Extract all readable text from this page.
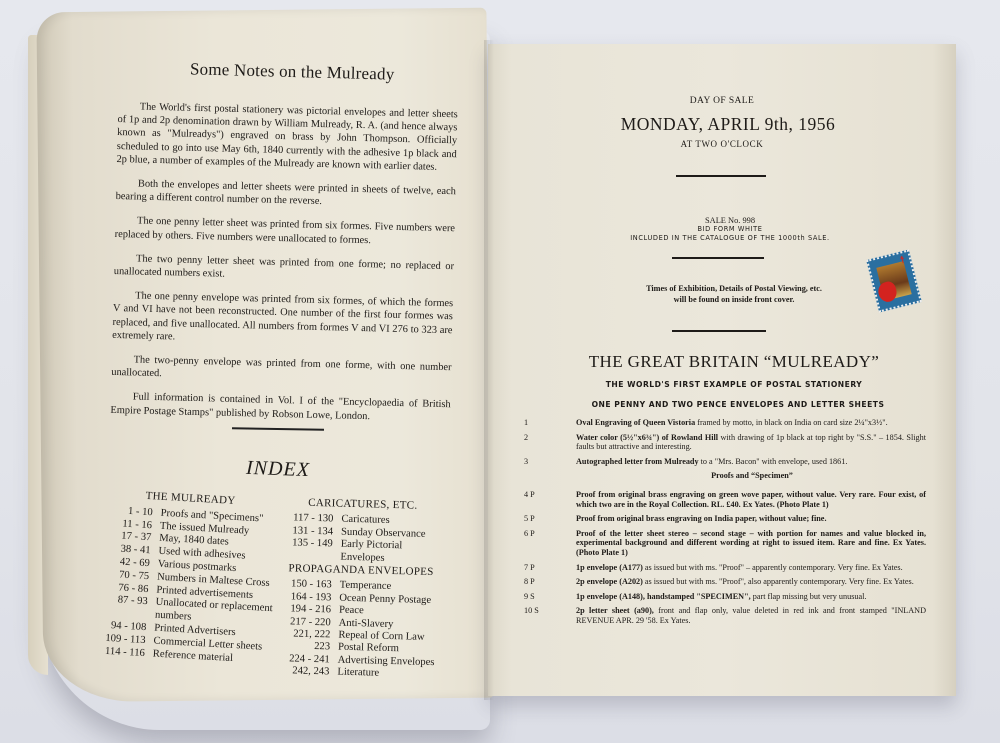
Some Notes on the Mulready

The World's first postal stationery was pictorial envelopes and letter sheets of 1p and 2p denomination drawn by William Mulready, R. A. (and hence always known as "Mulreadys") engraved on brass by John Thompson. Officially scheduled to go into use May 6th, 1840 currently with the adhesive 1p black and 2p blue, a number of examples of the Mulready are known with earlier dates.

Both the envelopes and letter sheets were printed in sheets of twelve, each bearing a different control number on the reverse.

The one penny letter sheet was printed from six formes. Five numbers were replaced by others. Five numbers were unallocated to formes.

The two penny letter sheet was printed from one forme; no replaced or unallocated numbers exist.

The one penny envelope was printed from six formes, of which the formes V and VI have not been reconstructed. One number of the first four formes was replaced, and five unallocated. All numbers from formes V and VI 276 to 323 are extremely rare.

The two-penny envelope was printed from one forme, with one number unallocated.

Full information is contained in Vol. I of the "Encyclopaedia of British Empire Postage Stamps" published by Robson Lowe, London.

INDEX
THE MULREADY
1 - 10 Proofs and "Specimens"
11 - 16 The issued Mulready
17 - 37 May, 1840 dates
38 - 41 Used with adhesives
42 - 69 Various postmarks
70 - 75 Numbers in Maltese Cross
76 - 86 Printed advertisements
87 - 93 Unallocated or replacement numbers
94 - 108 Printed Advertisers
109 - 113 Commercial Letter sheets
114 - 116 Reference material
CARICATURES, ETC.
117 - 130 Caricatures
131 - 134 Sunday Observance
135 - 149 Early Pictorial Envelopes
PROPAGANDA ENVELOPES
150 - 163 Temperance
164 - 193 Ocean Penny Postage
194 - 216 Peace
217 - 220 Anti-Slavery
221, 222 Repeal of Corn Law
223 Postal Reform
224 - 241 Advertising Envelopes
242, 243 Literature
DAY OF SALE
MONDAY, APRIL 9th, 1956
AT TWO O'CLOCK
SALE No. 998
BID FORM WHITE
INCLUDED IN THE CATALOGUE OF THE 1000th SALE.
Times of Exhibition, Details of Postal Viewing, etc.
will be found on inside front cover.
THE GREAT BRITAIN “MULREADY”
THE WORLD'S FIRST EXAMPLE OF POSTAL STATIONERY
ONE PENNY AND TWO PENCE ENVELOPES AND LETTER SHEETS
1	Oval Engraving of Queen Vistoria framed by motto, in black on India on card size 2¼"x3½".
2	Water color (5½"x6¾") of Rowland Hill with drawing of 1p black at top right by "S.S." – 1854. Slight faults but attractive and interesting.
3	Autographed letter from Mulready to a "Mrs. Bacon" with envelope, used 1861.
Proofs and “Specimen”
4 P	Proof from original brass engraving on green wove paper, without value. Very rare. Four exist, of which two are in the Royal Collection. RL. £40. Ex Yates. (Photo Plate 1)
5 P	Proof from original brass engraving on India paper, without value; fine.
6 P	Proof of the letter sheet stereo – second stage – with portion for names and value blocked in, experimental background and different wording at right to issued item. Rare and fine. Ex Yates. (Photo Plate 1)
7 P	1p envelope (A177) as issued but with ms. "Proof" – apparently contemporary. Very fine. Ex Yates.
8 P	2p envelope (A202) as issued but with ms. "Proof", also apparently contemporary. Very fine. Ex Yates.
9 S	1p envelope (A148), handstamped "SPECIMEN", part flap missing but very unusual.
10 S	2p letter sheet (a90), front and flap only, value deleted in red ink and front stamped "INLAND REVENUE APR. 29 '58. Ex Yates.
☨
